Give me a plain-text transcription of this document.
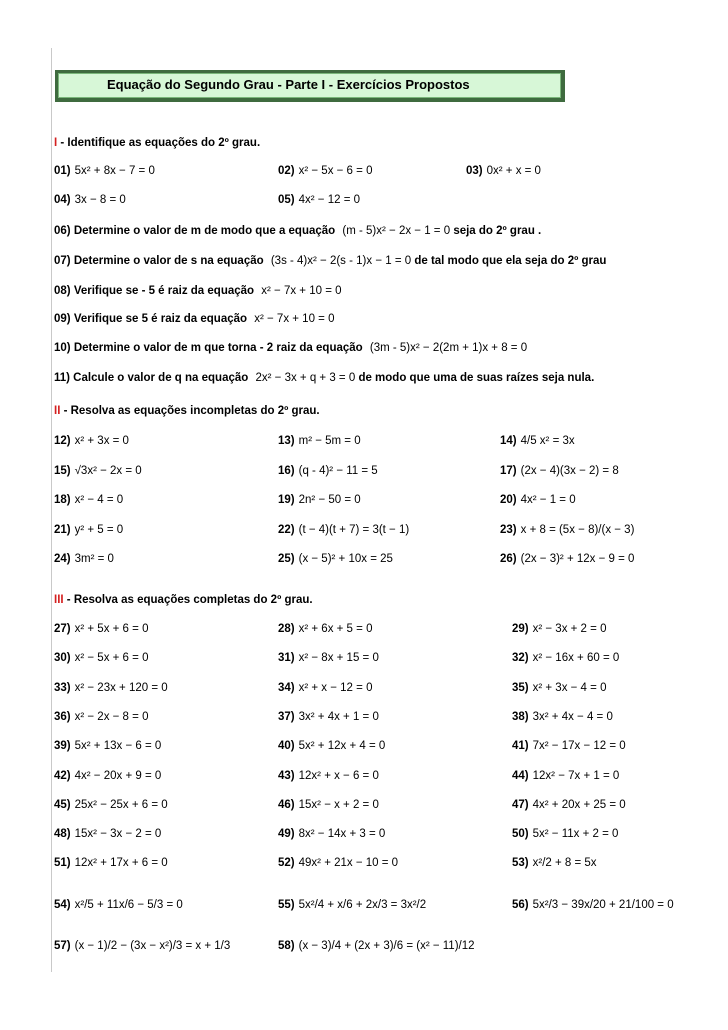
Equação do Segundo Grau - Parte I - Exercícios Propostos
I - Identifique as equações do 2º grau.
01) 5x² + 8x − 7 = 0	02) x² − 5x − 6 = 0	03) 0x² + x = 0
04) 3x − 8 = 0	05) 4x² − 12 = 0
06) Determine o valor de m de modo que a equação (m - 5)x² − 2x − 1 = 0 seja do 2º grau .
07) Determine o valor de s na equação (3s - 4)x² − 2(s - 1)x − 1 = 0 de tal modo que ela seja do 2º grau
08) Verifique se - 5 é raiz da equação x² − 7x + 10 = 0
09) Verifique se 5 é raiz da equação x² − 7x + 10 = 0
10) Determine o valor de m que torna - 2 raiz da equação (3m - 5)x² − 2(2m + 1)x + 8 = 0
11) Calcule o valor de q na equação 2x² − 3x + q + 3 = 0 de modo que uma de suas raízes seja nula.
II - Resolva as equações incompletas do 2º grau.
12) x² + 3x = 0	13) m² − 5m = 0	14) 4/5 x² = 3x
15) √3x² − 2x = 0	16) (q - 4)² − 11 = 5	17) (2x − 4)(3x − 2) = 8
18) x² − 4 = 0	19) 2n² − 50 = 0	20) 4x² − 1 = 0
21) y² + 5 = 0	22) (t − 4)(t + 7) = 3(t − 1)	23) x + 8 = (5x − 8)/(x − 3)
24) 3m² = 0	25) (x − 5)² + 10x = 25	26) (2x − 3)² + 12x − 9 = 0
III - Resolva as equações completas do 2º grau.
27) x² + 5x + 6 = 0	28) x² + 6x + 5 = 0	29) x² − 3x + 2 = 0
30) x² − 5x + 6 = 0	31) x² − 8x + 15 = 0	32) x² − 16x + 60 = 0
33) x² − 23x + 120 = 0	34) x² + x − 12 = 0	35) x² + 3x − 4 = 0
36) x² − 2x − 8 = 0	37) 3x² + 4x + 1 = 0	38) 3x² + 4x − 4 = 0
39) 5x² + 13x − 6 = 0	40) 5x² + 12x + 4 = 0	41) 7x² − 17x − 12 = 0
42) 4x² − 20x + 9 = 0	43) 12x² + x − 6 = 0	44) 12x² − 7x + 1 = 0
45) 25x² − 25x + 6 = 0	46) 15x² − x + 2 = 0	47) 4x² + 20x + 25 = 0
48) 15x² − 3x − 2 = 0	49) 8x² − 14x + 3 = 0	50) 5x² − 11x + 2 = 0
51) 12x² + 17x + 6 = 0	52) 49x² + 21x − 10 = 0	53) x²/2 + 8 = 5x
54) x²/5 + 11x/6 − 5/3 = 0	55) 5x²/4 + x/6 + 2x/3 = 3x²/2	56) 5x²/3 − 39x/20 + 21/100 = 0
57) (x − 1)/2 − (3x − x²)/3 = x + 1/3	58) (x − 3)/4 + (2x + 3)/6 = (x² − 11)/12
